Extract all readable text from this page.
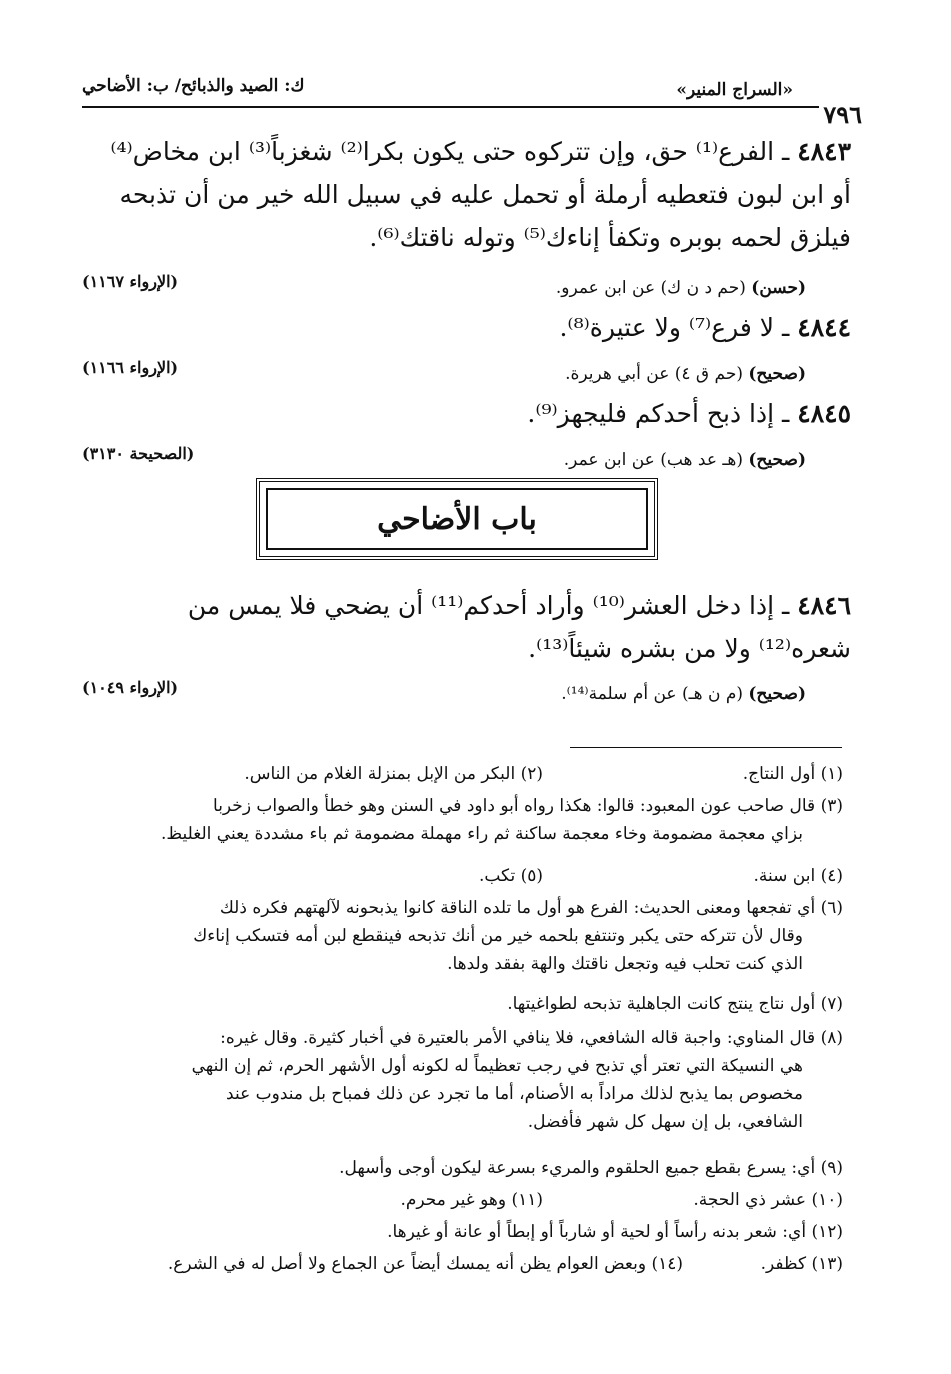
«السراج المنير»
ك: الصيد والذبائح/ ب: الأضاحي
٧٩٦
٤٨٤٣ ـ الفرع⁽¹⁾ حق، وإن تتركوه حتى يكون بكرا⁽²⁾ شغزباً⁽³⁾ ابن مخاض⁽⁴⁾
أو ابن لبون فتعطيه أرملة أو تحمل عليه في سبيل الله خير من أن تذبحه
فيلزق لحمه بوبره وتكفأ إناءك⁽⁵⁾ وتوله ناقتك⁽⁶⁾.
(حسن) (حم د ن ك) عن ابن عمرو.
(الإرواء ١١٦٧)
٤٨٤٤ ـ لا فرع⁽⁷⁾ ولا عتيرة⁽⁸⁾.
(صحيح) (حم ق ٤) عن أبي هريرة.
(الإرواء ١١٦٦)
٤٨٤٥ ـ إذا ذبح أحدكم فليجهز⁽⁹⁾.
(صحيح) (هـ عد هب) عن ابن عمر.
(الصحيحة ٣١٣٠)
باب الأضاحي
٤٨٤٦ ـ إذا دخل العشر⁽¹⁰⁾ وأراد أحدكم⁽¹¹⁾ أن يضحي فلا يمس من
شعره⁽¹²⁾ ولا من بشره شيئاً⁽¹³⁾.
(صحيح) (م ن هـ) عن أم سلمة⁽¹⁴⁾.
(الإرواء ١٠٤٩)
(١) أول النتاج.
(٢) البكر من الإبل بمنزلة الغلام من الناس.
(٣) قال صاحب عون المعبود: قالوا: هكذا رواه أبو داود في السنن وهو خطأ والصواب زخربا
بزاي معجمة مضمومة وخاء معجمة ساكنة ثم راء مهملة مضمومة ثم باء مشددة يعني الغليظ.
(٤) ابن سنة.
(٥) تكب.
(٦) أي تفجعها ومعنى الحديث: الفرع هو أول ما تلده الناقة كانوا يذبحونه لآلهتهم فكره ذلك
وقال لأن تتركه حتى يكبر وتنتفع بلحمه خير من أنك تذبحه فينقطع لبن أمه فتسكب إناءك
الذي كنت تحلب فيه وتجعل ناقتك والهة بفقد ولدها.
(٧) أول نتاج ينتج كانت الجاهلية تذبحه لطواغيتها.
(٨) قال المناوي: واجبة قاله الشافعي، فلا ينافي الأمر بالعتيرة في أخبار كثيرة. وقال غيره:
هي النسيكة التي تعتر أي تذبح في رجب تعظيماً له لكونه أول الأشهر الحرم، ثم إن النهي
مخصوص بما يذبح لذلك مراداً به الأصنام، أما ما تجرد عن ذلك فمباح بل مندوب عند
الشافعي، بل إن سهل كل شهر فأفضل.
(٩) أي: يسرع بقطع جميع الحلقوم والمريء بسرعة ليكون أوجى وأسهل.
(١٠) عشر ذي الحجة.
(١١) وهو غير محرم.
(١٢) أي: شعر بدنه رأساً أو لحية أو شارباً أو إبطاً أو عانة أو غيرها.
(١٣) كظفر.
(١٤) وبعض العوام يظن أنه يمسك أيضاً عن الجماع ولا أصل له في الشرع.
